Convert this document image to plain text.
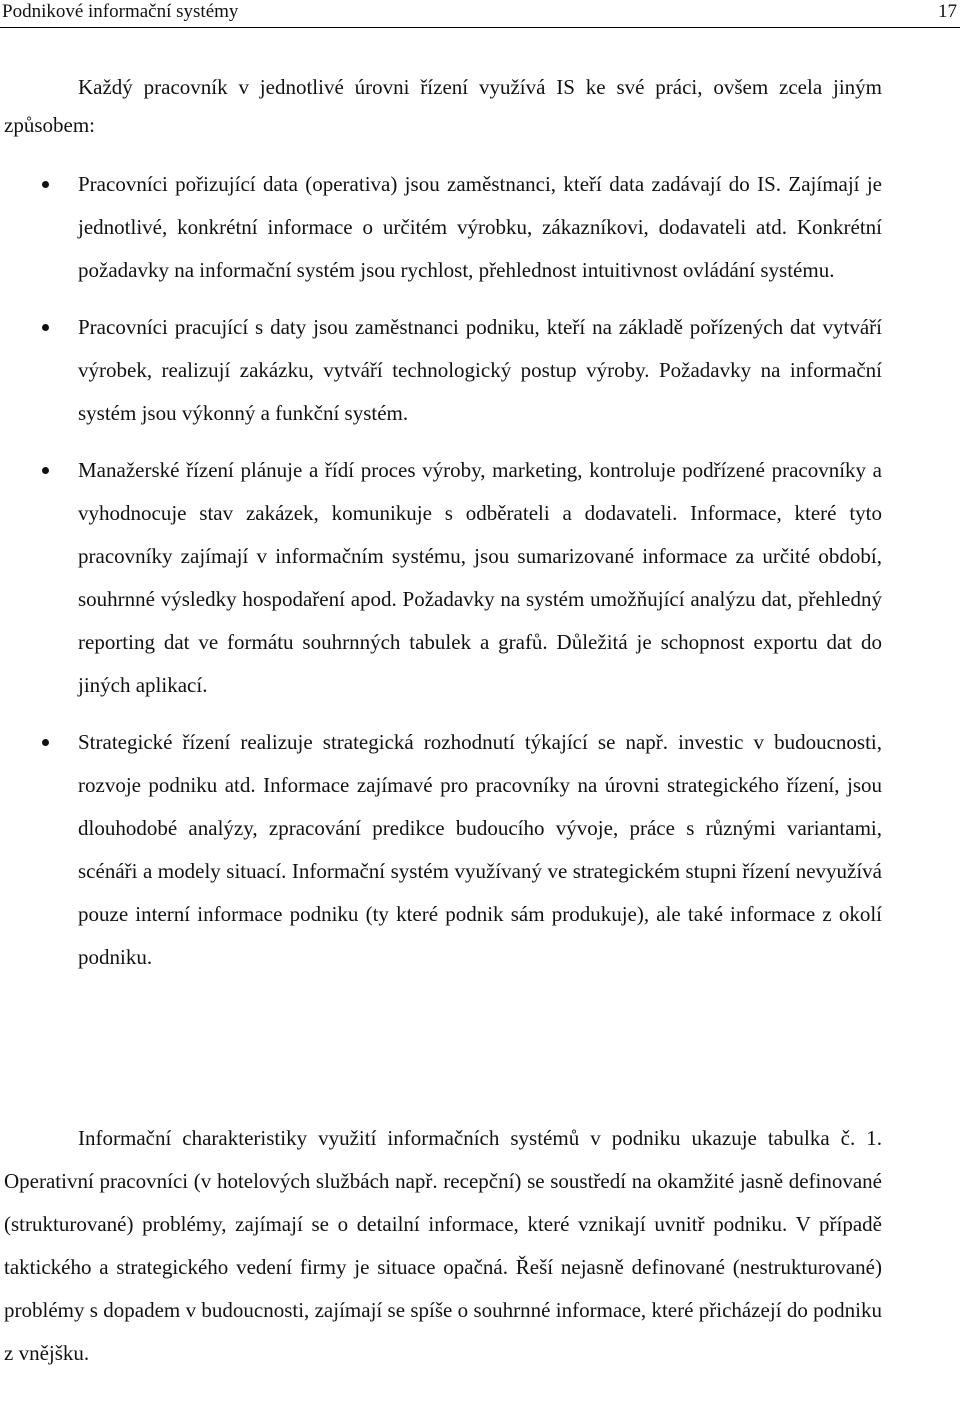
Podnikové informační systémy	17

Každý pracovník v jednotlivé úrovni řízení využívá IS ke své práci, ovšem zcela jiným způsobem:

Pracovníci pořizující data (operativa) jsou zaměstnanci, kteří data zadávají do IS. Zajímají je jednotlivé, konkrétní informace o určitém výrobku, zákazníkovi, dodavateli atd. Konkrétní požadavky na informační systém jsou rychlost, přehlednost intuitivnost ovládání systému.
Pracovníci pracující s daty jsou zaměstnanci podniku, kteří na základě pořízených dat vytváří výrobek, realizují zakázku, vytváří technologický postup výroby. Požadavky na informační systém jsou výkonný a funkční systém.
Manažerské řízení plánuje a řídí proces výroby, marketing, kontroluje podřízené pracovníky a vyhodnocuje stav zakázek, komunikuje s odběrateli a dodavateli. Informace, které tyto pracovníky zajímají v informačním systému, jsou sumarizované informace za určité období, souhrnné výsledky hospodaření apod. Požadavky na systém umožňující analýzu dat, přehledný reporting dat ve formátu souhrnných tabulek a grafů. Důležitá je schopnost exportu dat do jiných aplikací.
Strategické řízení realizuje strategická rozhodnutí týkající se např. investic v budoucnosti, rozvoje podniku atd. Informace zajímavé pro pracovníky na úrovni strategického řízení, jsou dlouhodobé analýzy, zpracování predikce budoucího vývoje, práce s různými variantami, scénáři a modely situací. Informační systém využívaný ve strategickém stupni řízení nevyužívá pouze interní informace podniku (ty které podnik sám produkuje), ale také informace z okolí podniku.

Informační charakteristiky využití informačních systémů v podniku ukazuje tabulka č. 1. Operativní pracovníci (v hotelových službách např. recepční) se soustředí na okamžité jasně definované (strukturované) problémy, zajímají se o detailní informace, které vznikají uvnitř podniku. V případě taktického a strategického vedení firmy je situace opačná. Řeší nejasně definované (nestrukturované) problémy s dopadem v budoucnosti, zajímají se spíše o souhrnné informace, které přicházejí do podniku z vnějšku.
